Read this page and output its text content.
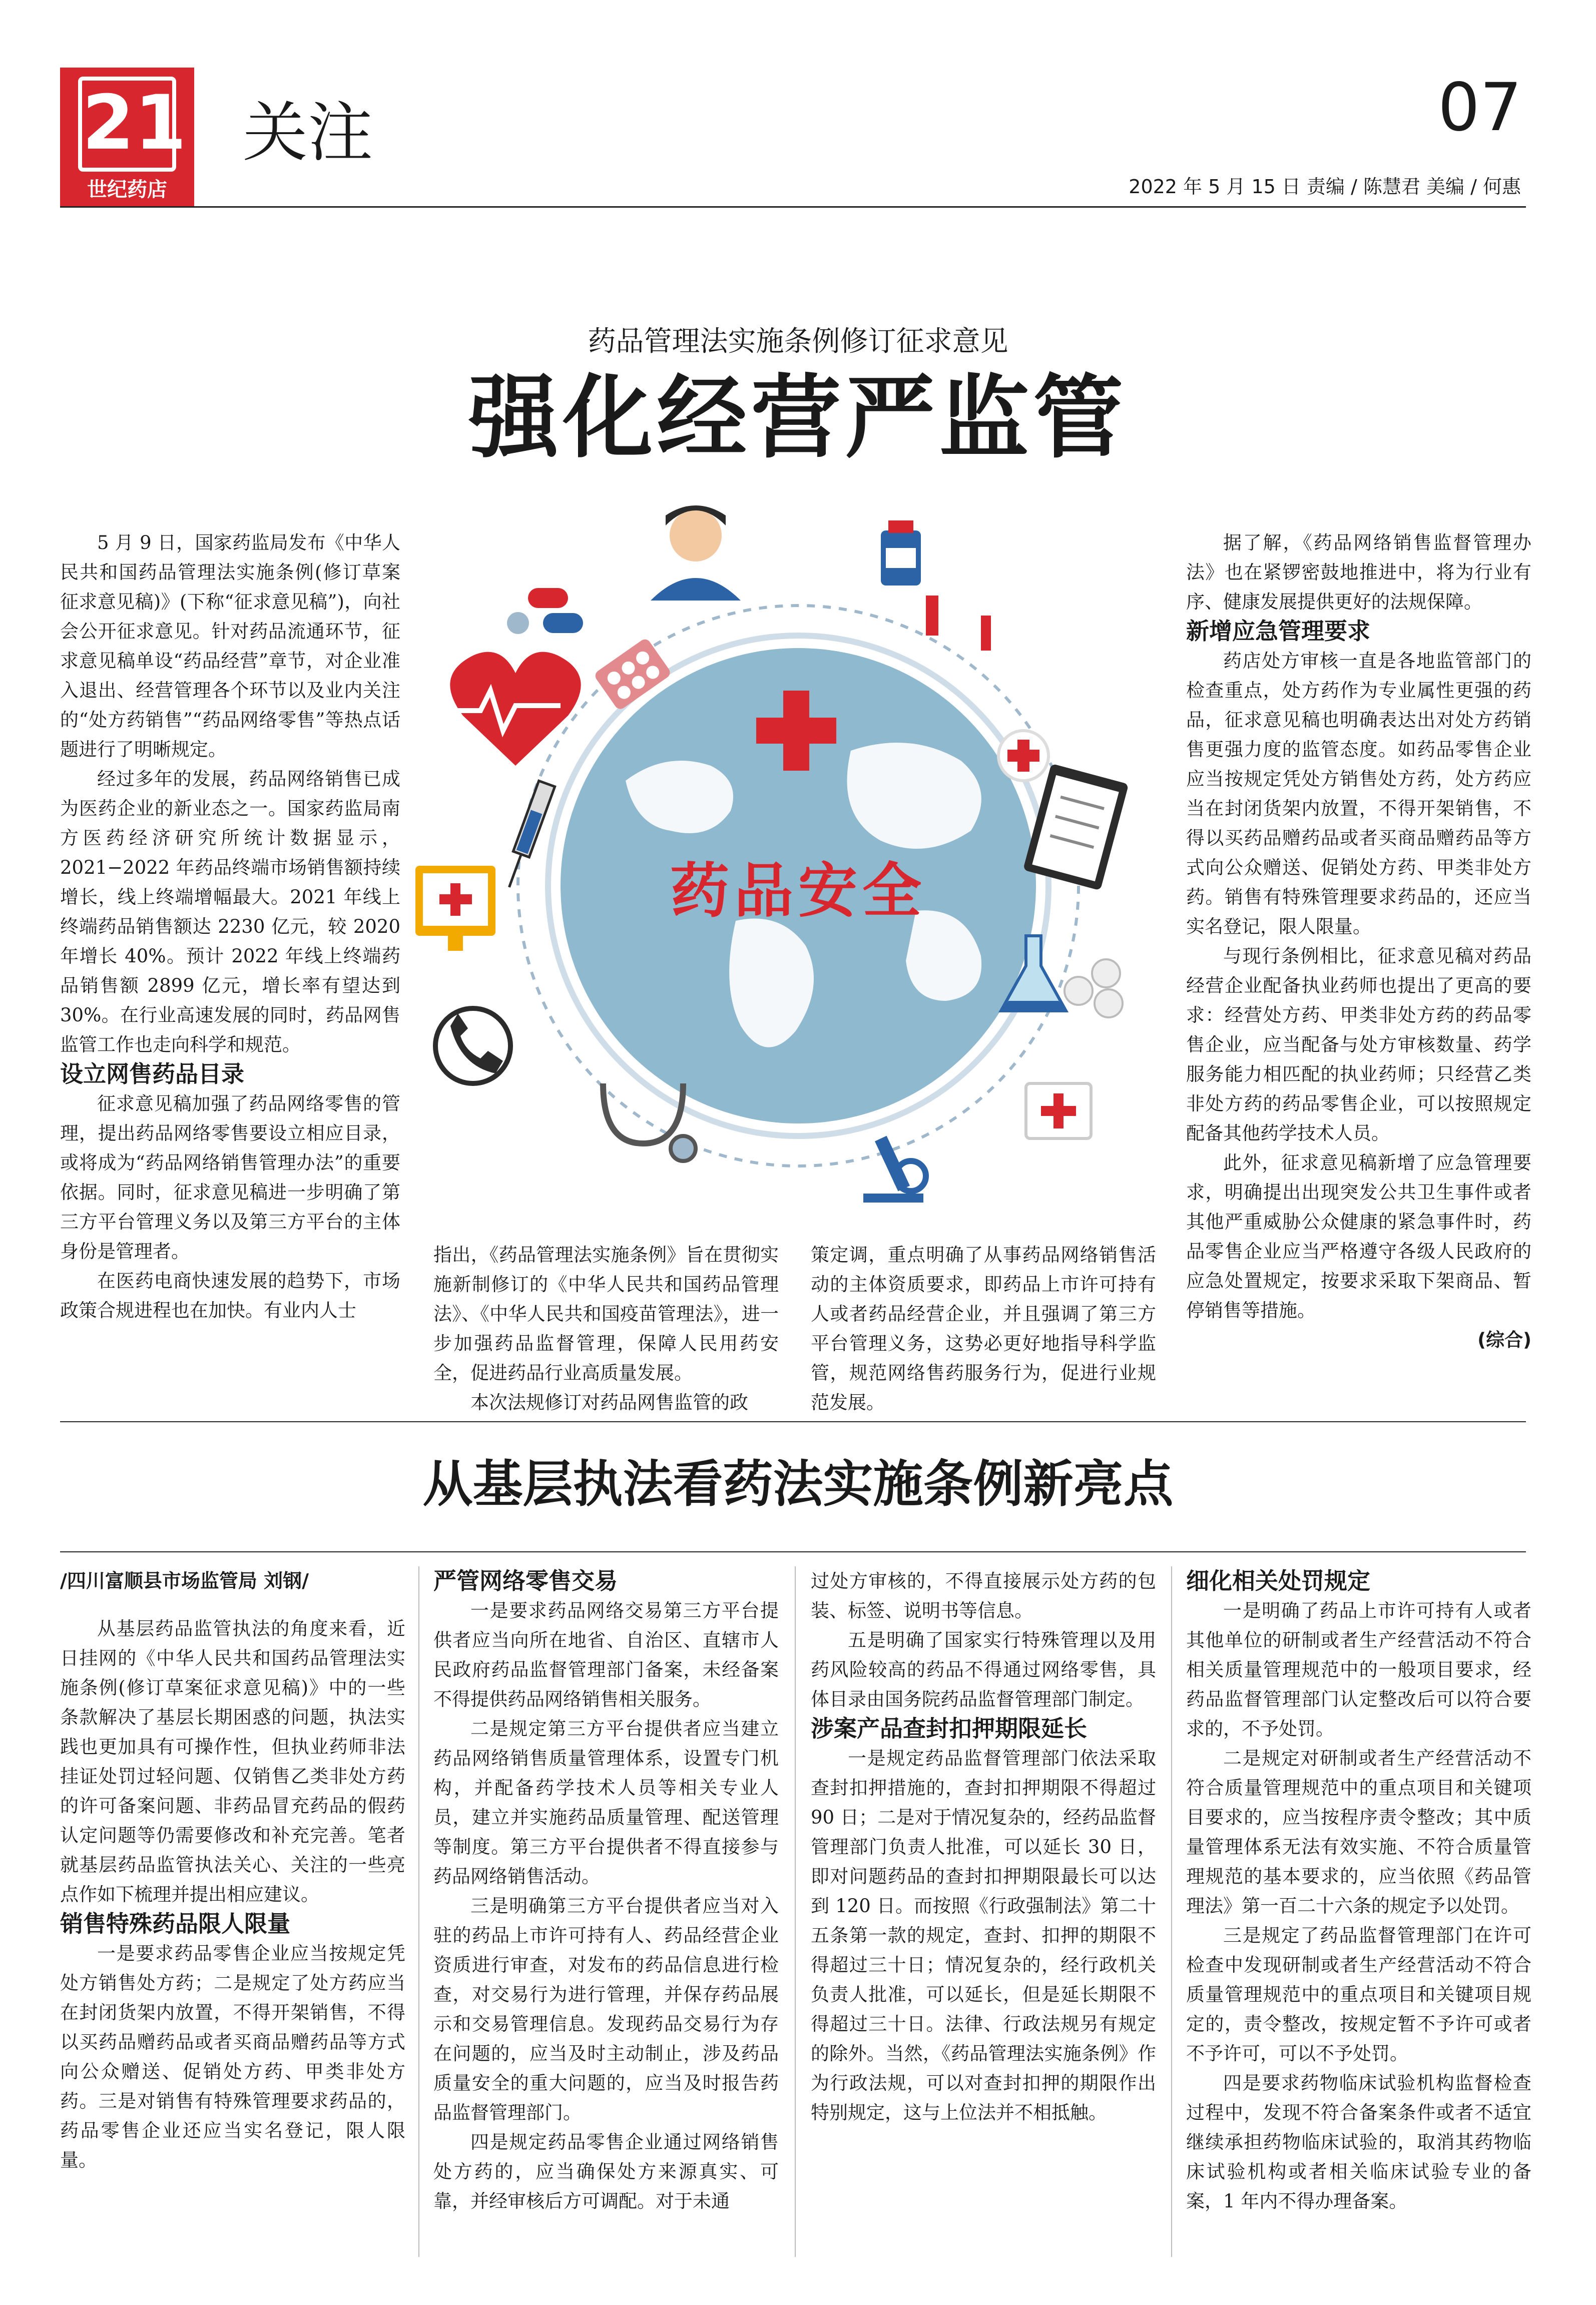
21
世纪药店
关注	07
2022 年 5 月 15 日 责编 / 陈慧君 美编 / 何惠
药品管理法实施条例修订征求意见
强化经营严监管
药品安全

5 月 9 日，国家药监局发布《中华人民共和国药品管理法实施条例(修订草案征求意见稿)》(下称“征求意见稿”)，向社会公开征求意见。针对药品流通环节，征求意见稿单设“药品经营”章节，对企业准入退出、经营管理各个环节以及业内关注的“处方药销售”“药品网络零售”等热点话题进行了明晰规定。

经过多年的发展，药品网络销售已成为医药企业的新业态之一。国家药监局南方医药经济研究所统计数据显示，2021−2022 年药品终端市场销售额持续增长，线上终端增幅最大。2021 年线上终端药品销售额达 2230 亿元，较 2020 年增长 40%。预计 2022 年线上终端药品销售额 2899 亿元，增长率有望达到 30%。在行业高速发展的同时，药品网售监管工作也走向科学和规范。

设立网售药品目录

征求意见稿加强了药品网络零售的管理，提出药品网络零售要设立相应目录，或将成为“药品网络销售管理办法”的重要依据。同时，征求意见稿进一步明确了第三方平台管理义务以及第三方平台的主体身份是管理者。

在医药电商快速发展的趋势下，市场政策合规进程也在加快。有业内人士

指出，《药品管理法实施条例》旨在贯彻实施新制修订的《中华人民共和国药品管理法》、《中华人民共和国疫苗管理法》，进一步加强药品监督管理，保障人民用药安全，促进药品行业高质量发展。

本次法规修订对药品网售监管的政

策定调，重点明确了从事药品网络销售活动的主体资质要求，即药品上市许可持有人或者药品经营企业，并且强调了第三方平台管理义务，这势必更好地指导科学监管，规范网络售药服务行为，促进行业规范发展。

据了解，《药品网络销售监督管理办法》也在紧锣密鼓地推进中，将为行业有序、健康发展提供更好的法规保障。

新增应急管理要求

药店处方审核一直是各地监管部门的检查重点，处方药作为专业属性更强的药品，征求意见稿也明确表达出对处方药销售更强力度的监管态度。如药品零售企业应当按规定凭处方销售处方药，处方药应当在封闭货架内放置，不得开架销售，不得以买药品赠药品或者买商品赠药品等方式向公众赠送、促销处方药、甲类非处方药。销售有特殊管理要求药品的，还应当实名登记，限人限量。

与现行条例相比，征求意见稿对药品经营企业配备执业药师也提出了更高的要求：经营处方药、甲类非处方药的药品零售企业，应当配备与处方审核数量、药学服务能力相匹配的执业药师；只经营乙类非处方药的药品零售企业，可以按照规定配备其他药学技术人员。

此外，征求意见稿新增了应急管理要求，明确提出出现突发公共卫生事件或者其他严重威胁公众健康的紧急事件时，药品零售企业应当严格遵守各级人民政府的应急处置规定，按要求采取下架商品、暂停销售等措施。

(综合)

从基层执法看药法实施条例新亮点
/四川富顺县市场监管局 刘钢/

从基层药品监管执法的角度来看，近日挂网的《中华人民共和国药品管理法实施条例(修订草案征求意见稿)》中的一些条款解决了基层长期困惑的问题，执法实践也更加具有可操作性，但执业药师非法挂证处罚过轻问题、仅销售乙类非处方药的许可备案问题、非药品冒充药品的假药认定问题等仍需要修改和补充完善。笔者就基层药品监管执法关心、关注的一些亮点作如下梳理并提出相应建议。

销售特殊药品限人限量

一是要求药品零售企业应当按规定凭处方销售处方药；二是规定了处方药应当在封闭货架内放置，不得开架销售，不得以买药品赠药品或者买商品赠药品等方式向公众赠送、促销处方药、甲类非处方药。三是对销售有特殊管理要求药品的，药品零售企业还应当实名登记，限人限量。

严管网络零售交易

一是要求药品网络交易第三方平台提供者应当向所在地省、自治区、直辖市人民政府药品监督管理部门备案，未经备案不得提供药品网络销售相关服务。

二是规定第三方平台提供者应当建立药品网络销售质量管理体系，设置专门机构，并配备药学技术人员等相关专业人员，建立并实施药品质量管理、配送管理等制度。第三方平台提供者不得直接参与药品网络销售活动。

三是明确第三方平台提供者应当对入驻的药品上市许可持有人、药品经营企业资质进行审查，对发布的药品信息进行检查，对交易行为进行管理，并保存药品展示和交易管理信息。发现药品交易行为存在问题的，应当及时主动制止，涉及药品质量安全的重大问题的，应当及时报告药品监督管理部门。

四是规定药品零售企业通过网络销售处方药的，应当确保处方来源真实、可靠，并经审核后方可调配。对于未通

过处方审核的，不得直接展示处方药的包装、标签、说明书等信息。

五是明确了国家实行特殊管理以及用药风险较高的药品不得通过网络零售，具体目录由国务院药品监督管理部门制定。

涉案产品查封扣押期限延长

一是规定药品监督管理部门依法采取查封扣押措施的，查封扣押期限不得超过 90 日；二是对于情况复杂的，经药品监督管理部门负责人批准，可以延长 30 日，即对问题药品的查封扣押期限最长可以达到 120 日。而按照《行政强制法》第二十五条第一款的规定，查封、扣押的期限不得超过三十日；情况复杂的，经行政机关负责人批准，可以延长，但是延长期限不得超过三十日。法律、行政法规另有规定的除外。当然，《药品管理法实施条例》作为行政法规，可以对查封扣押的期限作出特别规定，这与上位法并不相抵触。

细化相关处罚规定

一是明确了药品上市许可持有人或者其他单位的研制或者生产经营活动不符合相关质量管理规范中的一般项目要求，经药品监督管理部门认定整改后可以符合要求的，不予处罚。

二是规定对研制或者生产经营活动不符合质量管理规范中的重点项目和关键项目要求的，应当按程序责令整改；其中质量管理体系无法有效实施、不符合质量管理规范的基本要求的，应当依照《药品管理法》第一百二十六条的规定予以处罚。

三是规定了药品监督管理部门在许可检查中发现研制或者生产经营活动不符合质量管理规范中的重点项目和关键项目规定的，责令整改，按规定暂不予许可或者不予许可，可以不予处罚。

四是要求药物临床试验机构监督检查过程中，发现不符合备案条件或者不适宜继续承担药物临床试验的，取消其药物临床试验机构或者相关临床试验专业的备案，1 年内不得办理备案。
